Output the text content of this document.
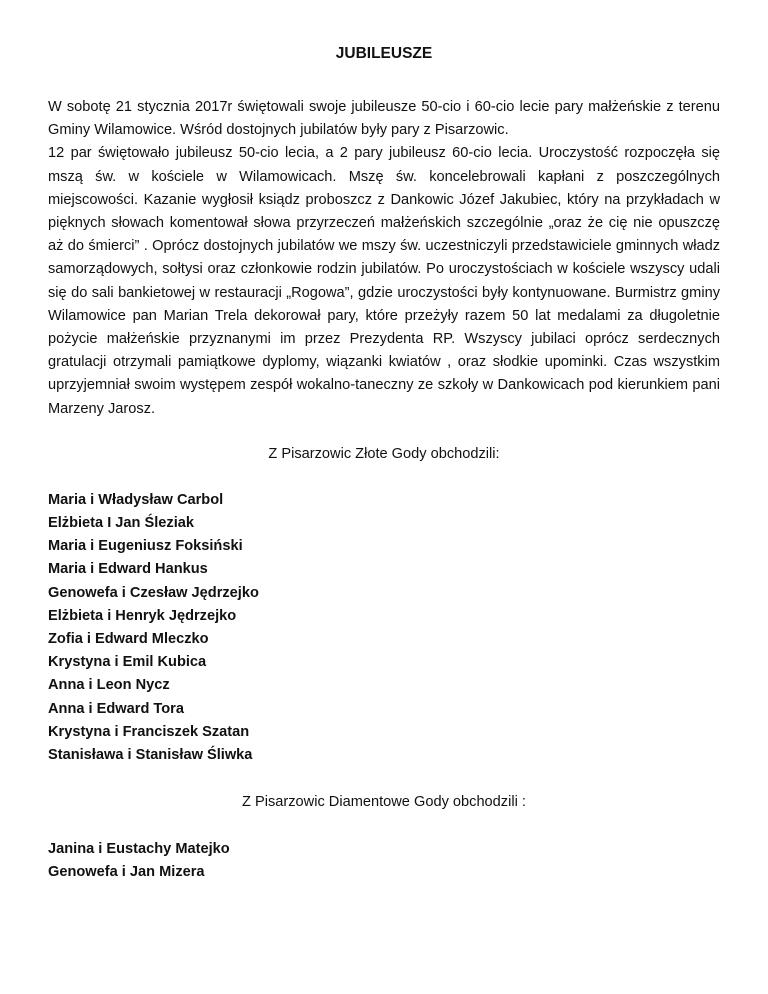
JUBILEUSZE

W sobotę 21 stycznia 2017r świętowali swoje jubileusze 50-cio i 60-cio lecie pary małżeńskie z terenu Gminy Wilamowice. Wśród dostojnych jubilatów były pary z Pisarzowic.

12 par świętowało jubileusz 50-cio lecia, a 2 pary jubileusz 60-cio lecia. Uroczystość rozpoczęła się mszą św. w kościele w Wilamowicach. Mszę św. koncelebrowali kapłani z poszczególnych miejscowości. Kazanie wygłosił ksiądz proboszcz z Dankowic Józef Jakubiec, który na przykładach w pięknych słowach komentował słowa przyrzeczeń małżeńskich szczególnie „oraz że cię nie opuszczę aż do śmierci” . Oprócz dostojnych jubilatów we mszy św. uczestniczyli przedstawiciele gminnych władz samorządowych, sołtysi oraz członkowie rodzin jubilatów. Po uroczystościach w kościele wszyscy udali się do sali bankietowej w restauracji „Rogowa”, gdzie uroczystości były kontynuowane. Burmistrz gminy Wilamowice pan Marian Trela dekorował pary, które przeżyły razem 50 lat medalami za długoletnie pożycie małżeńskie przyznanymi im przez Prezydenta RP. Wszyscy jubilaci oprócz serdecznych gratulacji otrzymali pamiątkowe dyplomy, wiązanki kwiatów , oraz słodkie upominki. Czas wszystkim uprzyjemniał swoim występem zespół wokalno-taneczny ze szkoły w Dankowicach pod kierunkiem pani Marzeny Jarosz.

Z Pisarzowic Złote Gody obchodzili:
Maria i Władysław Carbol
Elżbieta I Jan Śleziak
Maria i Eugeniusz Foksiński
Maria i Edward Hankus
Genowefa i Czesław Jędrzejko
Elżbieta i Henryk Jędrzejko
Zofia i Edward Mleczko
Krystyna i Emil Kubica
Anna i Leon Nycz
Anna i Edward Tora
Krystyna i Franciszek Szatan
Stanisława i Stanisław Śliwka
Z Pisarzowic Diamentowe Gody obchodzili :
Janina i Eustachy Matejko
Genowefa i Jan Mizera
